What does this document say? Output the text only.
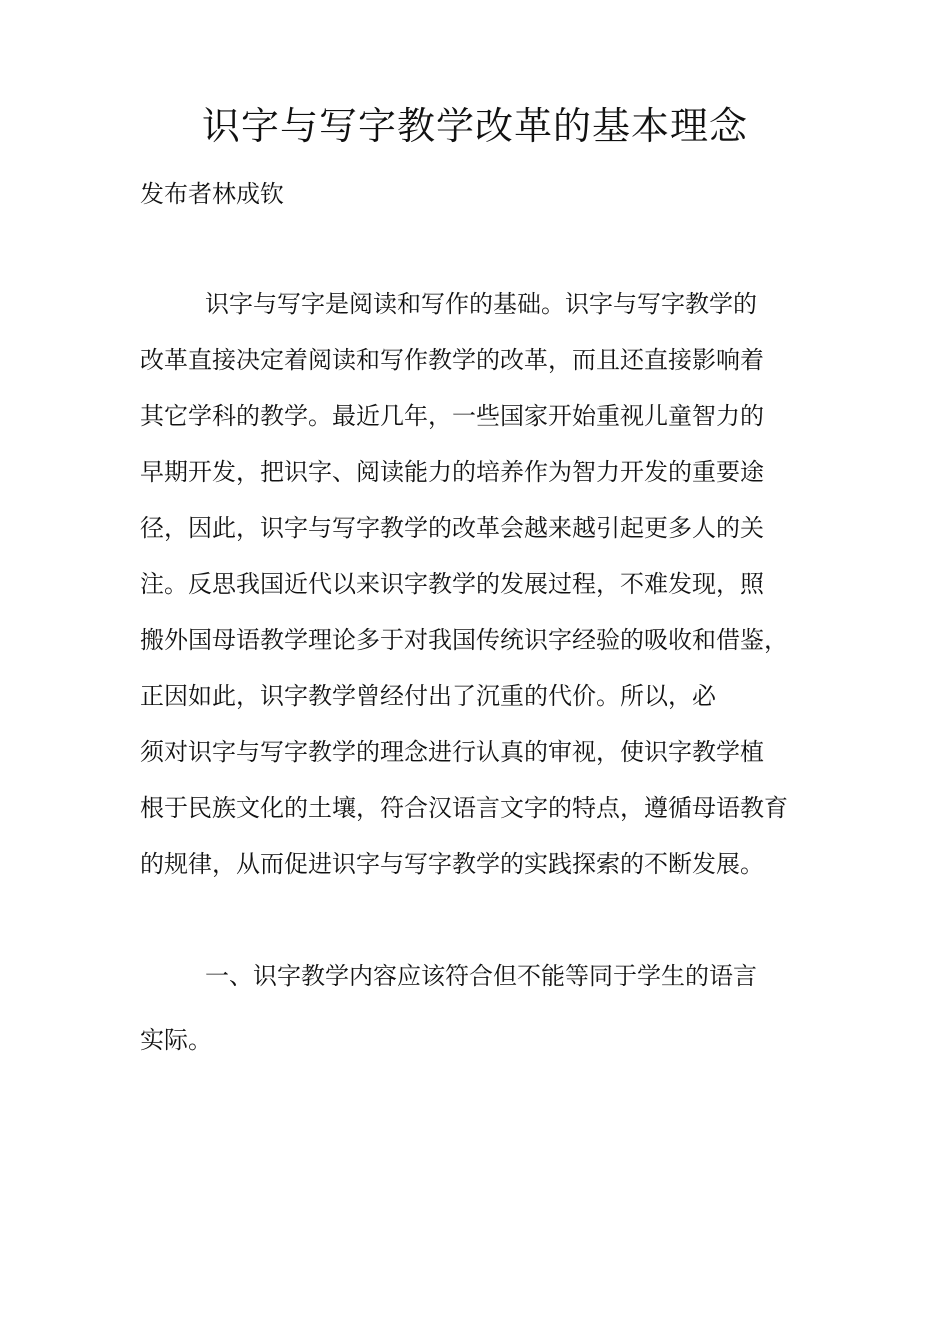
识字与写字教学改革的基本理念
发布者林成钦
识字与写字是阅读和写作的基础。识字与写字教学的
改革直接决定着阅读和写作教学的改革，而且还直接影响着
其它学科的教学。最近几年，一些国家开始重视儿童智力的
早期开发，把识字、阅读能力的培养作为智力开发的重要途
径，因此，识字与写字教学的改革会越来越引起更多人的关
注。反思我国近代以来识字教学的发展过程，不难发现，照
搬外国母语教学理论多于对我国传统识字经验的吸收和借鉴，
正因如此，识字教学曾经付出了沉重的代价。所以，必
须对识字与写字教学的理念进行认真的审视，使识字教学植
根于民族文化的土壤，符合汉语言文字的特点，遵循母语教育
的规律，从而促进识字与写字教学的实践探索的不断发展。
一、识字教学内容应该符合但不能等同于学生的语言
实际。
